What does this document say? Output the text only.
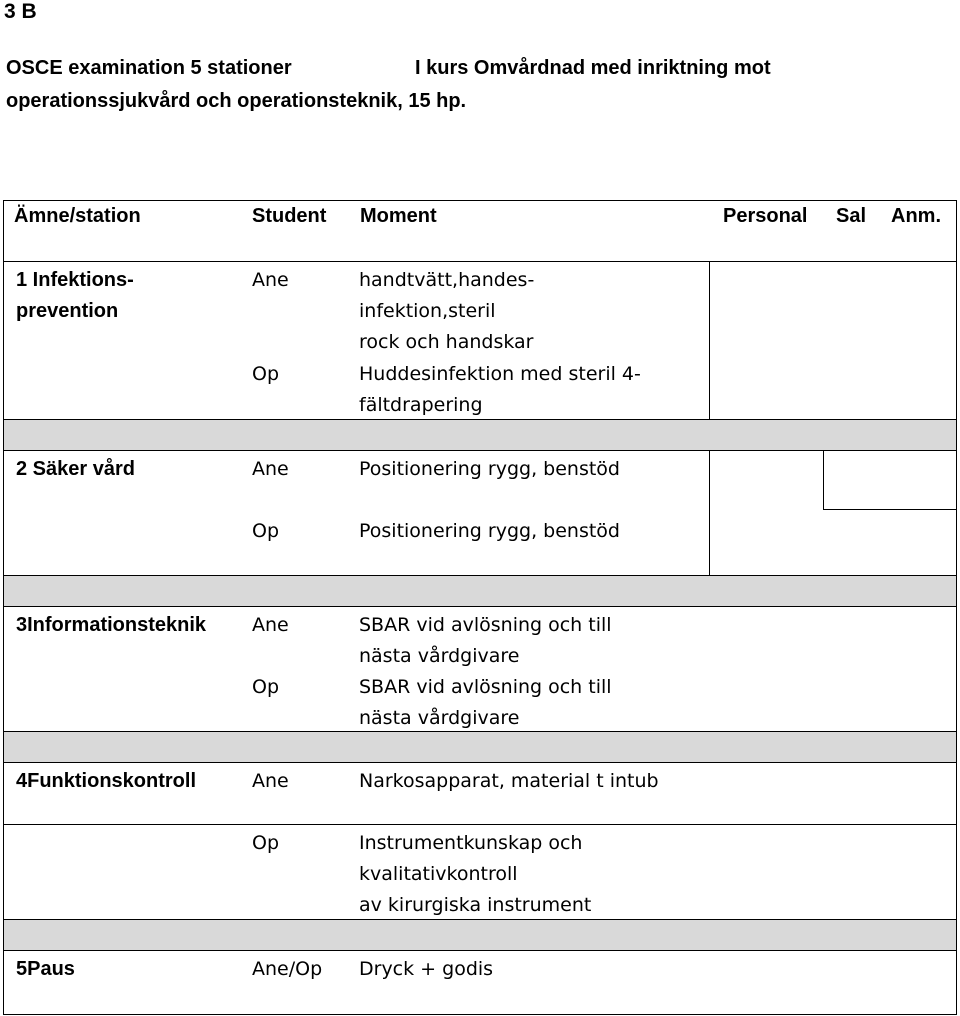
3 B
OSCE examination 5 stationer	I kurs Omvårdnad med inriktning mot
operationssjukvård och operationsteknik, 15 hp.
Ämne/station	Student Moment	Personal Sal Anm.
1 Infektions-
prevention
Ane	handtvätt,handes-
infektion,steril
rock och handskar
Op	Huddesinfektion med steril 4-
fältdrapering
2 Säker vård	Ane	Positionering rygg, benstöd
Op	Positionering rygg, benstöd
3Informationsteknik Ane	SBAR vid avlösning och till
nästa vårdgivare
Op	SBAR vid avlösning och till
nästa vårdgivare
4Funktionskontroll	Ane	Narkosapparat, material t intub
Op	Instrumentkunskap och
kvalitativkontroll
av kirurgiska instrument
5Paus	Ane/Op Dryck + godis
